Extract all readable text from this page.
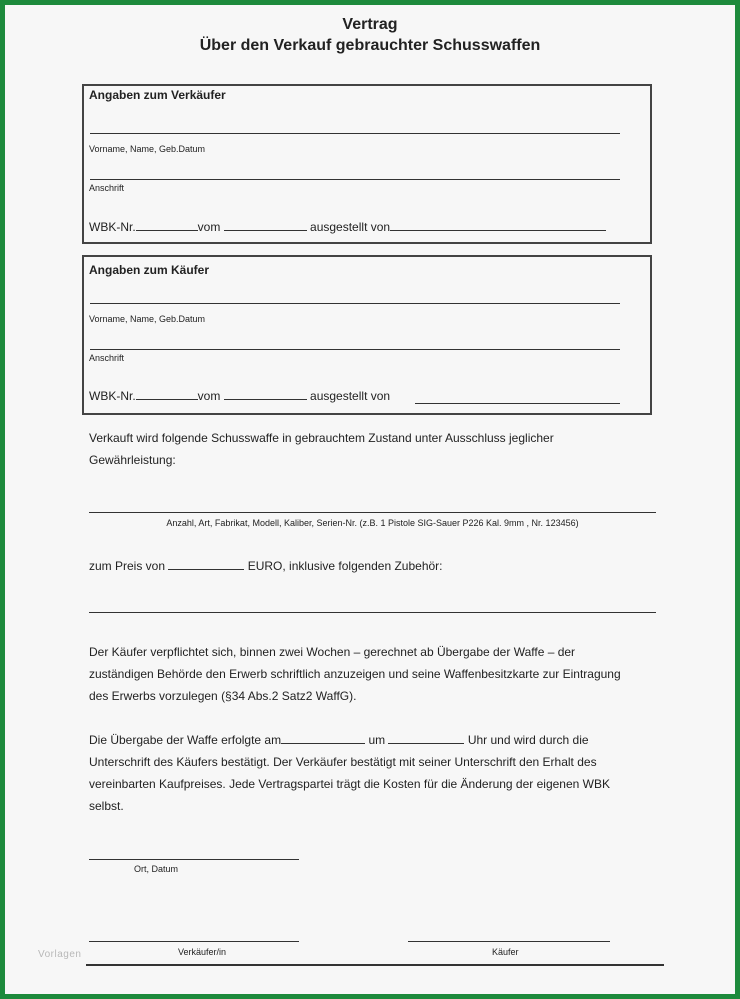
Vertrag
Über den Verkauf gebrauchter Schusswaffen
Angaben zum Verkäufer
Vorname, Name, Geb.Datum
Anschrift
WBK-Nr.	vom	ausgestellt von
Angaben zum Käufer
Vorname, Name, Geb.Datum
Anschrift
WBK-Nr.	vom	ausgestellt von
Verkauft wird folgende Schusswaffe in gebrauchtem Zustand unter Ausschluss jeglicher
Gewährleistung:
Anzahl, Art, Fabrikat, Modell, Kaliber, Serien-Nr. (z.B. 1 Pistole SIG-Sauer P226 Kal. 9mm , Nr. 123456)
zum Preis von	EURO, inklusive folgenden Zubehör:
Der Käufer verpflichtet sich, binnen zwei Wochen – gerechnet ab Übergabe der Waffe – der
zuständigen Behörde den Erwerb schriftlich anzuzeigen und seine Waffenbesitzkarte zur Eintragung
des Erwerbs vorzulegen (§34 Abs.2 Satz2 WaffG).
Die Übergabe der Waffe erfolgte am	um	Uhr und wird durch die
Unterschrift des Käufers bestätigt. Der Verkäufer bestätigt mit seiner Unterschrift den Erhalt des
vereinbarten Kaufpreises. Jede Vertragspartei trägt die Kosten für die Änderung der eigenen WBK
selbst.
Ort, Datum
Verkäufer/in	Käufer
Vorlagen
